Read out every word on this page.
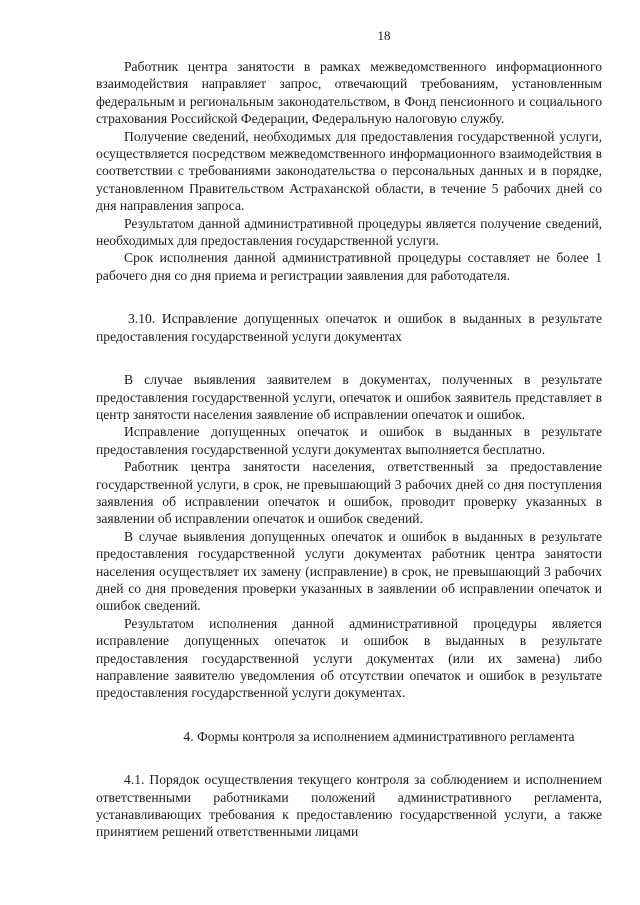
18

Работник центра занятости в рамках межведомственного информационного взаимодействия направляет запрос, отвечающий требованиям, установленным федеральным и региональным законодательством, в Фонд пенсионного и социального страхования Российской Федерации, Федеральную налоговую службу.

Получение сведений, необходимых для предоставления государственной услуги, осуществляется посредством межведомственного информационного взаимодействия в соответствии с требованиями законодательства о персональных данных и в порядке, установленном Правительством Астраханской области, в течение 5 рабочих дней со дня направления запроса.

Результатом данной административной процедуры является получение сведений, необходимых для предоставления государственной услуги.

Срок исполнения данной административной процедуры составляет не более 1 рабочего дня со дня приема и регистрации заявления для работодателя.

3.10. Исправление допущенных опечаток и ошибок в выданных в результате предоставления государственной услуги документах

В случае выявления заявителем в документах, полученных в результате предоставления государственной услуги, опечаток и ошибок заявитель представляет в центр занятости населения заявление об исправлении опечаток и ошибок.

Исправление допущенных опечаток и ошибок в выданных в результате предоставления государственной услуги документах выполняется бесплатно.

Работник центра занятости населения, ответственный за предоставление государственной услуги, в срок, не превышающий 3 рабочих дней со дня поступления заявления об исправлении опечаток и ошибок, проводит проверку указанных в заявлении об исправлении опечаток и ошибок сведений.

В случае выявления допущенных опечаток и ошибок в выданных в результате предоставления государственной услуги документах работник центра занятости населения осуществляет их замену (исправление) в срок, не превышающий 3 рабочих дней со дня проведения проверки указанных в заявлении об исправлении опечаток и ошибок сведений.

Результатом исполнения данной административной процедуры является исправление допущенных опечаток и ошибок в выданных в результате предоставления государственной услуги документах (или их замена) либо направление заявителю уведомления об отсутствии опечаток и ошибок в результате предоставления государственной услуги документах.

4. Формы контроля за исполнением административного регламента

4.1. Порядок осуществления текущего контроля за соблюдением и исполнением ответственными работниками положений административного регламента, устанавливающих требования к предоставлению государственной услуги, а также принятием решений ответственными лицами
